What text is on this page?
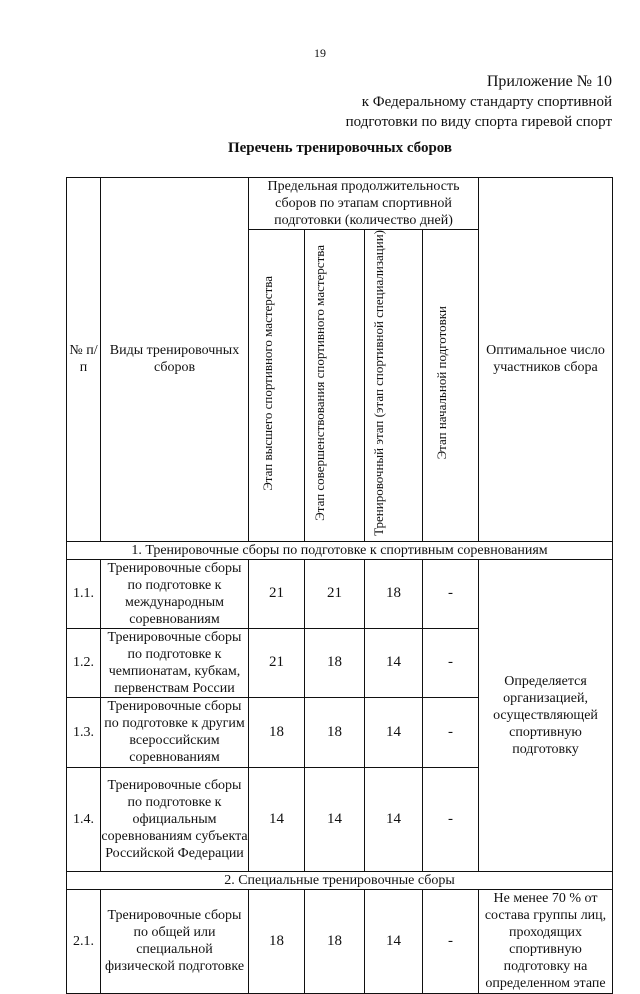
19
Приложение № 10
к Федеральному стандарту спортивной
подготовки по виду спорта гиревой спорт
Перечень тренировочных сборов
№ п/п	Виды тренировочных сборов	Предельная продолжительность сборов по этапам спортивной подготовки (количество дней)				Оптимальное число участников сбора
		Этап высшего спортивного мастерства	Этап совершенствования спортивного мастерства	Тренировочный этап (этап спортивной специализации)	Этап начальной подготовки	
1. Тренировочные сборы по подготовке к спортивным соревнованиям						
1.1.	Тренировочные сборы по подготовке к международным соревнованиям	21	21	18	-	Определяется организацией, осуществляющей спортивную подготовку
1.2.	Тренировочные сборы по подготовке к чемпионатам, кубкам, первенствам России	21	18	14	-	
1.3.	Тренировочные сборы по подготовке к другим всероссийским соревнованиям	18	18	14	-	
1.4.	Тренировочные сборы по подготовке к официальным соревнованиям субъекта Российской Федерации	14	14	14	-	
2. Специальные тренировочные сборы						
2.1.	Тренировочные сборы по общей или специальной физической подготовке	18	18	14	-	Не менее 70 % от состава группы лиц, проходящих спортивную подготовку на определенном этапе
